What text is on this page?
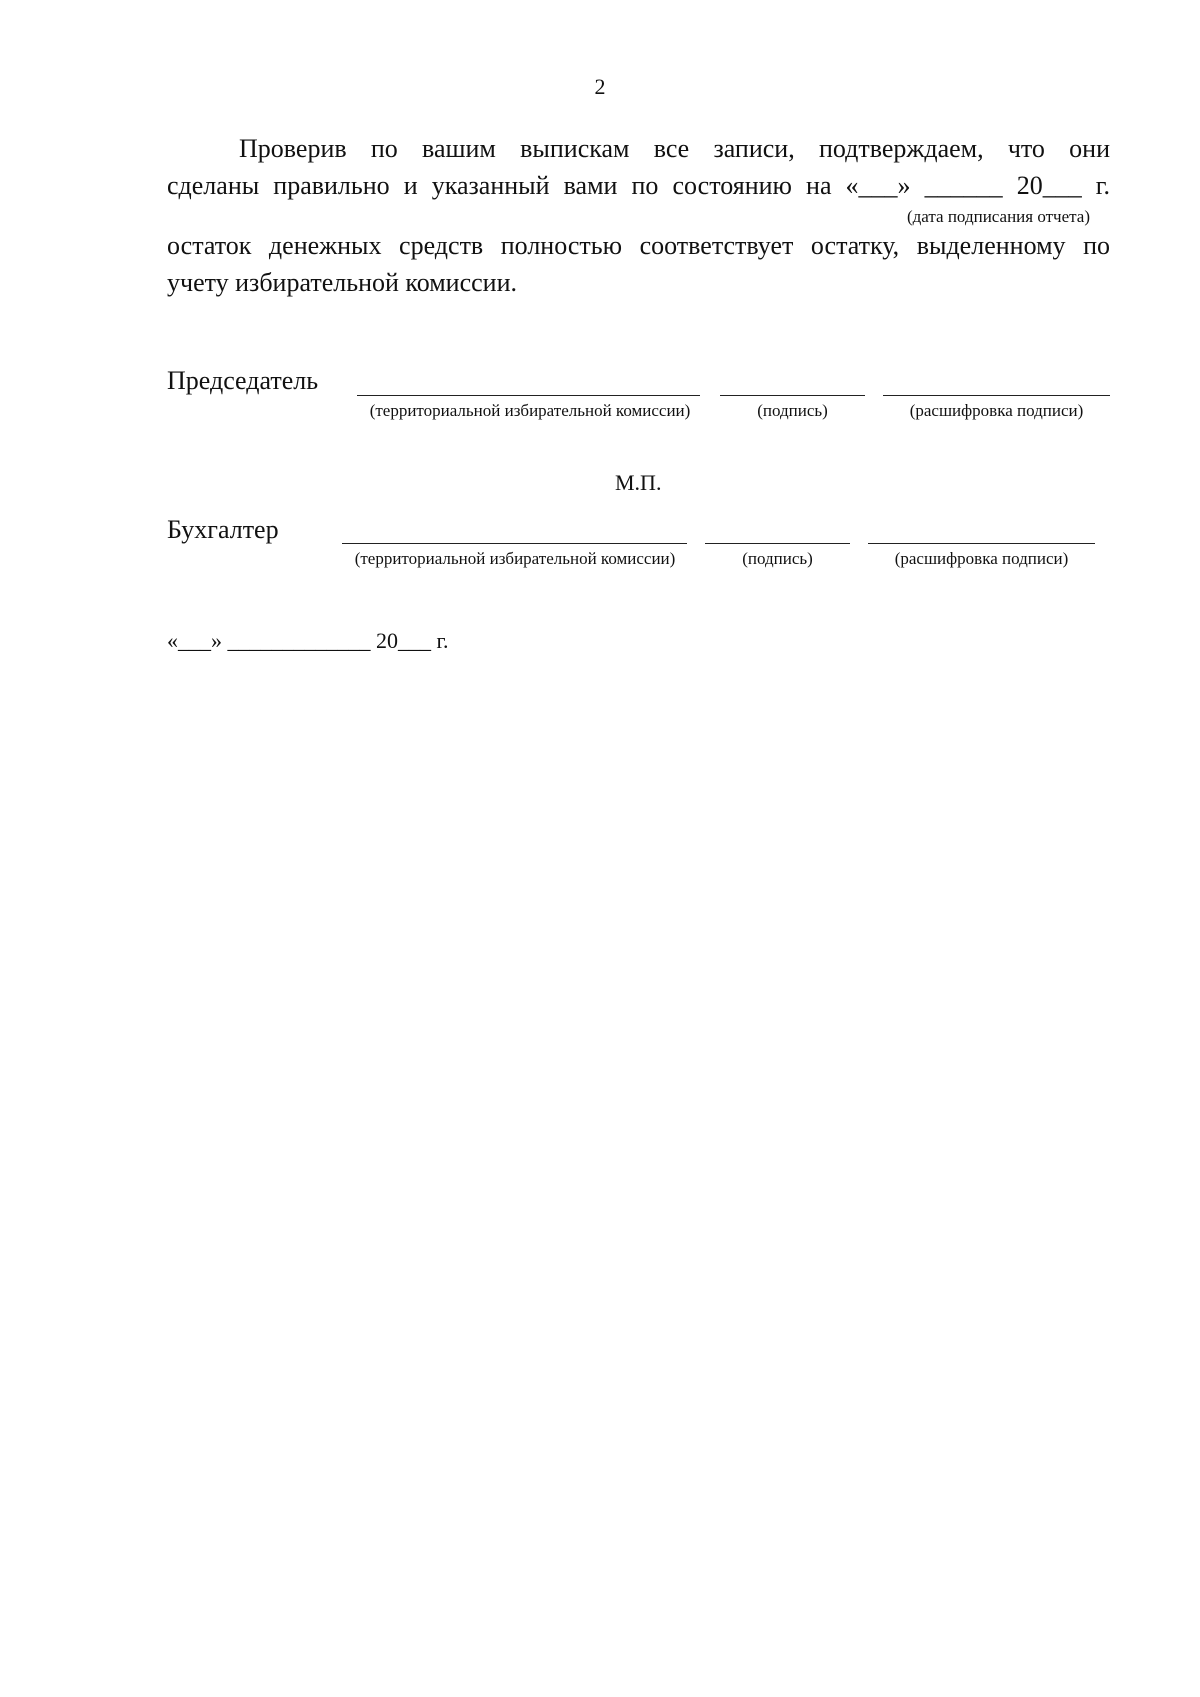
2
Проверив по вашим выпискам все записи, подтверждаем, что они
сделаны правильно и указанный вами по состоянию на «___» ______ 20___ г.
(дата подписания отчета)
остаток денежных средств полностью соответствует остатку, выделенному по
учету избирательной комиссии.
Председатель
(территориальной избирательной комиссии)	(подпись)	(расшифровка подписи)
М.П.
Бухгалтер
(территориальной избирательной комиссии)	(подпись)	(расшифровка подписи)
«___» _____________ 20___ г.
